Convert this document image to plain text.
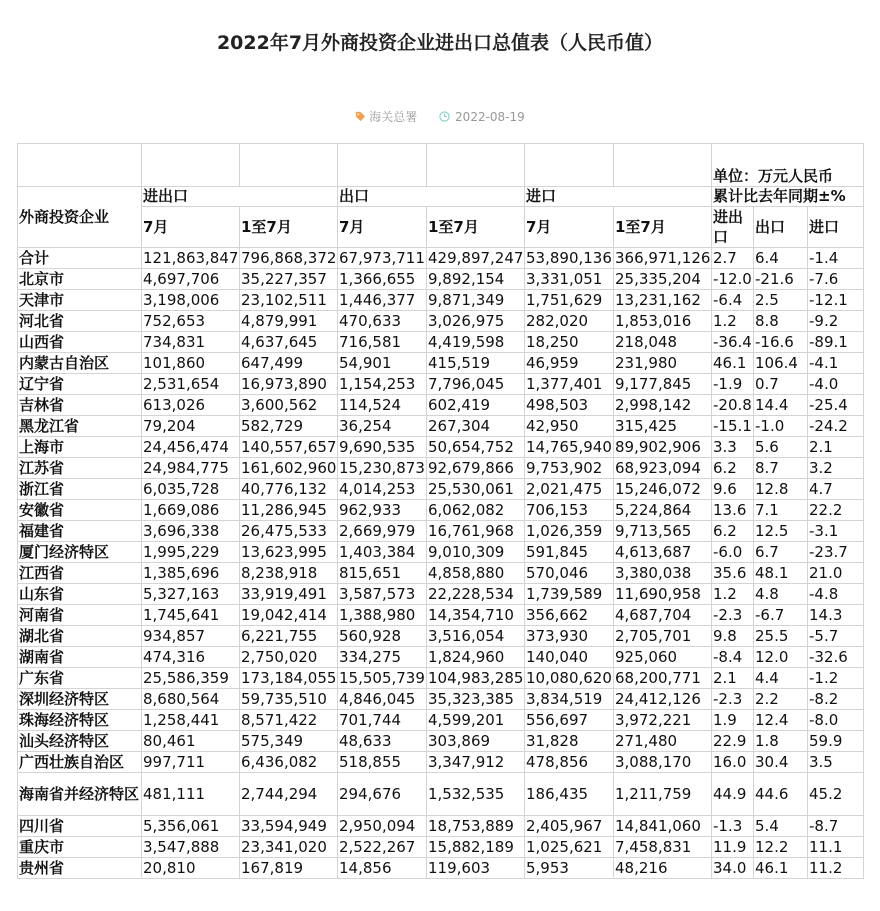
2022年7月外商投资企业进出口总值表（人民币值）
海关总署
	2022-08-19
							单位：万元人民币		
外商投资企业	进出口		出口		进口		累计比去年同期±%		
	7月	1至7月	7月	1至7月	7月	1至7月	进出口	出口	进口
合计	121,863,847	796,868,372	67,973,711	429,897,247	53,890,136	366,971,126	2.7	6.4	-1.4
北京市	4,697,706	35,227,357	1,366,655	9,892,154	3,331,051	25,335,204	-12.0	-21.6	-7.6
天津市	3,198,006	23,102,511	1,446,377	9,871,349	1,751,629	13,231,162	-6.4	2.5	-12.1
河北省	752,653	4,879,991	470,633	3,026,975	282,020	1,853,016	1.2	8.8	-9.2
山西省	734,831	4,637,645	716,581	4,419,598	18,250	218,048	-36.4	-16.6	-89.1
内蒙古自治区	101,860	647,499	54,901	415,519	46,959	231,980	46.1	106.4	-4.1
辽宁省	2,531,654	16,973,890	1,154,253	7,796,045	1,377,401	9,177,845	-1.9	0.7	-4.0
吉林省	613,026	3,600,562	114,524	602,419	498,503	2,998,142	-20.8	14.4	-25.4
黑龙江省	79,204	582,729	36,254	267,304	42,950	315,425	-15.1	-1.0	-24.2
上海市	24,456,474	140,557,657	9,690,535	50,654,752	14,765,940	89,902,906	3.3	5.6	2.1
江苏省	24,984,775	161,602,960	15,230,873	92,679,866	9,753,902	68,923,094	6.2	8.7	3.2
浙江省	6,035,728	40,776,132	4,014,253	25,530,061	2,021,475	15,246,072	9.6	12.8	4.7
安徽省	1,669,086	11,286,945	962,933	6,062,082	706,153	5,224,864	13.6	7.1	22.2
福建省	3,696,338	26,475,533	2,669,979	16,761,968	1,026,359	9,713,565	6.2	12.5	-3.1
厦门经济特区	1,995,229	13,623,995	1,403,384	9,010,309	591,845	4,613,687	-6.0	6.7	-23.7
江西省	1,385,696	8,238,918	815,651	4,858,880	570,046	3,380,038	35.6	48.1	21.0
山东省	5,327,163	33,919,491	3,587,573	22,228,534	1,739,589	11,690,958	1.2	4.8	-4.8
河南省	1,745,641	19,042,414	1,388,980	14,354,710	356,662	4,687,704	-2.3	-6.7	14.3
湖北省	934,857	6,221,755	560,928	3,516,054	373,930	2,705,701	9.8	25.5	-5.7
湖南省	474,316	2,750,020	334,275	1,824,960	140,040	925,060	-8.4	12.0	-32.6
广东省	25,586,359	173,184,055	15,505,739	104,983,285	10,080,620	68,200,771	2.1	4.4	-1.2
深圳经济特区	8,680,564	59,735,510	4,846,045	35,323,385	3,834,519	24,412,126	-2.3	2.2	-8.2
珠海经济特区	1,258,441	8,571,422	701,744	4,599,201	556,697	3,972,221	1.9	12.4	-8.0
汕头经济特区	80,461	575,349	48,633	303,869	31,828	271,480	22.9	1.8	59.9
广西壮族自治区	997,711	6,436,082	518,855	3,347,912	478,856	3,088,170	16.0	30.4	3.5
海南省并经济特区	481,111	2,744,294	294,676	1,532,535	186,435	1,211,759	44.9	44.6	45.2
四川省	5,356,061	33,594,949	2,950,094	18,753,889	2,405,967	14,841,060	-1.3	5.4	-8.7
重庆市	3,547,888	23,341,020	2,522,267	15,882,189	1,025,621	7,458,831	11.9	12.2	11.1
贵州省	20,810	167,819	14,856	119,603	5,953	48,216	34.0	46.1	11.2
